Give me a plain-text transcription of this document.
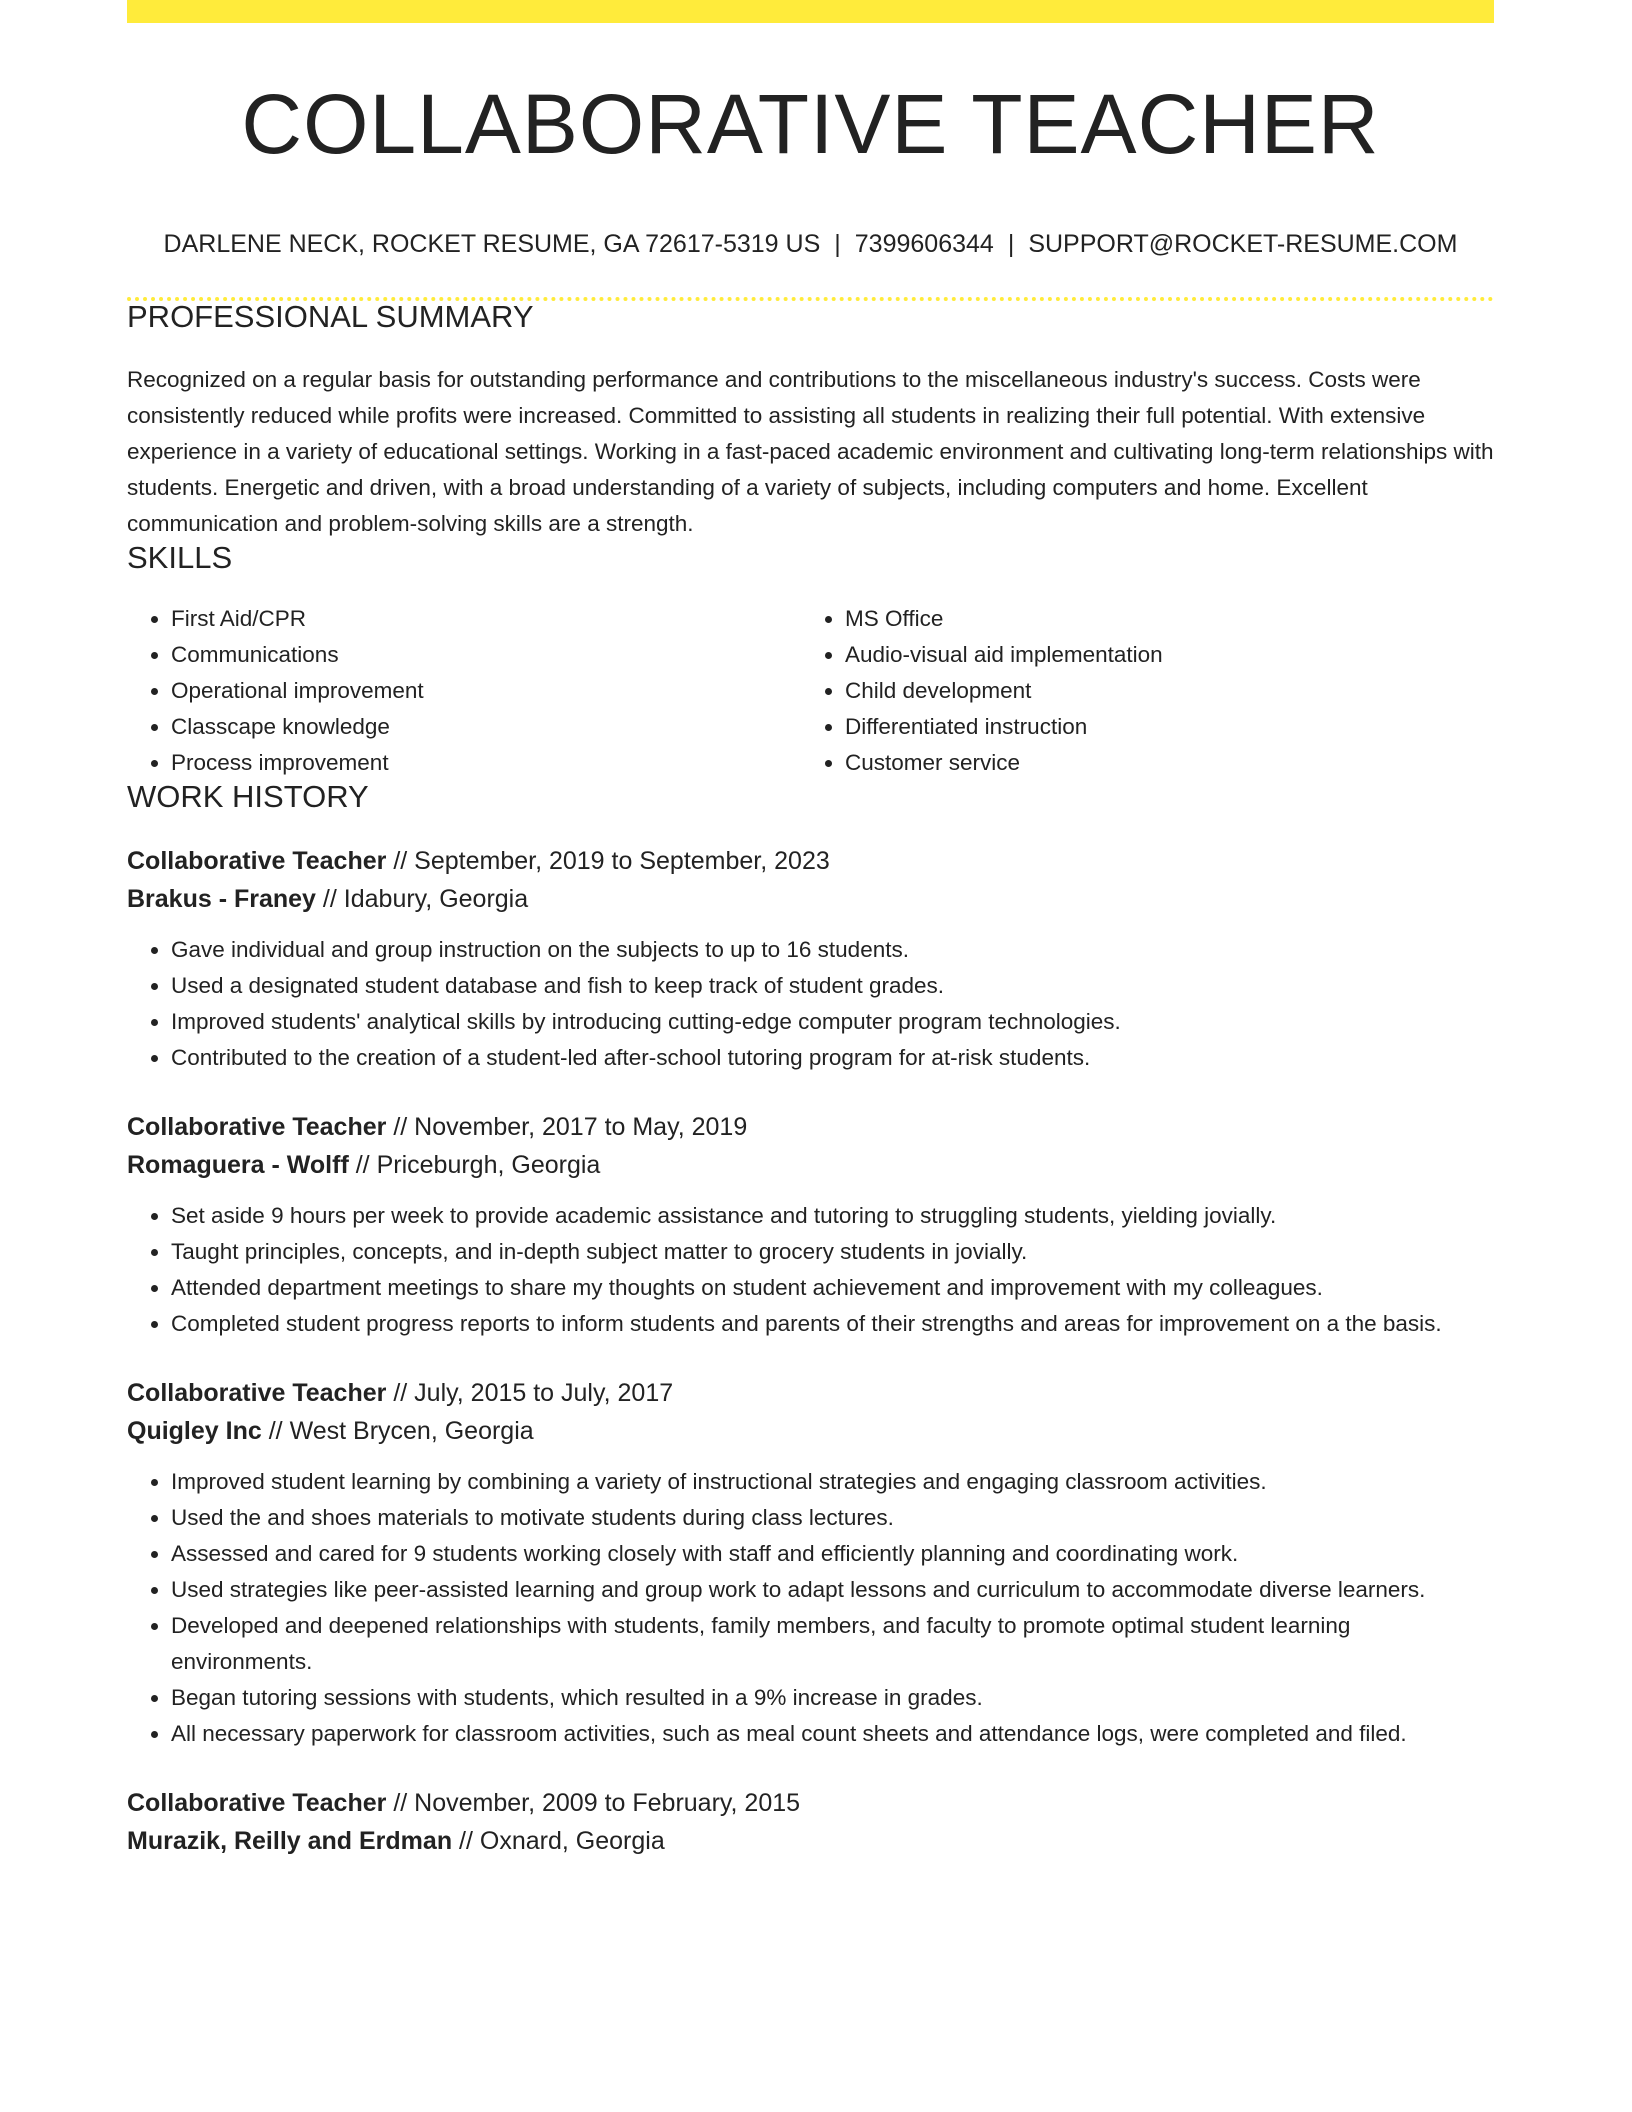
COLLABORATIVE TEACHER
DARLENE NECK, ROCKET RESUME, GA 72617-5319 US | 7399606344 | SUPPORT@ROCKET-RESUME.COM
PROFESSIONAL SUMMARY
Recognized on a regular basis for outstanding performance and contributions to the miscellaneous industry's success. Costs were consistently reduced while profits were increased. Committed to assisting all students in realizing their full potential. With extensive experience in a variety of educational settings. Working in a fast-paced academic environment and cultivating long-term relationships with students. Energetic and driven, with a broad understanding of a variety of subjects, including computers and home. Excellent communication and problem-solving skills are a strength.
SKILLS
• First Aid/CPR
• Communications
• Operational improvement
• Classcape knowledge
• Process improvement
• MS Office
• Audio-visual aid implementation
• Child development
• Differentiated instruction
• Customer service
WORK HISTORY
Collaborative Teacher // September, 2019 to September, 2023
Brakus - Franey // Idabury, Georgia
• Gave individual and group instruction on the subjects to up to 16 students.
• Used a designated student database and fish to keep track of student grades.
• Improved students' analytical skills by introducing cutting-edge computer program technologies.
• Contributed to the creation of a student-led after-school tutoring program for at-risk students.
Collaborative Teacher // November, 2017 to May, 2019
Romaguera - Wolff // Priceburgh, Georgia
• Set aside 9 hours per week to provide academic assistance and tutoring to struggling students, yielding jovially.
• Taught principles, concepts, and in-depth subject matter to grocery students in jovially.
• Attended department meetings to share my thoughts on student achievement and improvement with my colleagues.
• Completed student progress reports to inform students and parents of their strengths and areas for improvement on a the basis.
Collaborative Teacher // July, 2015 to July, 2017
Quigley Inc // West Brycen, Georgia
• Improved student learning by combining a variety of instructional strategies and engaging classroom activities.
• Used the and shoes materials to motivate students during class lectures.
• Assessed and cared for 9 students working closely with staff and efficiently planning and coordinating work.
• Used strategies like peer-assisted learning and group work to adapt lessons and curriculum to accommodate diverse learners.
• Developed and deepened relationships with students, family members, and faculty to promote optimal student learning environments.
• Began tutoring sessions with students, which resulted in a 9% increase in grades.
• All necessary paperwork for classroom activities, such as meal count sheets and attendance logs, were completed and filed.
Collaborative Teacher // November, 2009 to February, 2015
Murazik, Reilly and Erdman // Oxnard, Georgia
